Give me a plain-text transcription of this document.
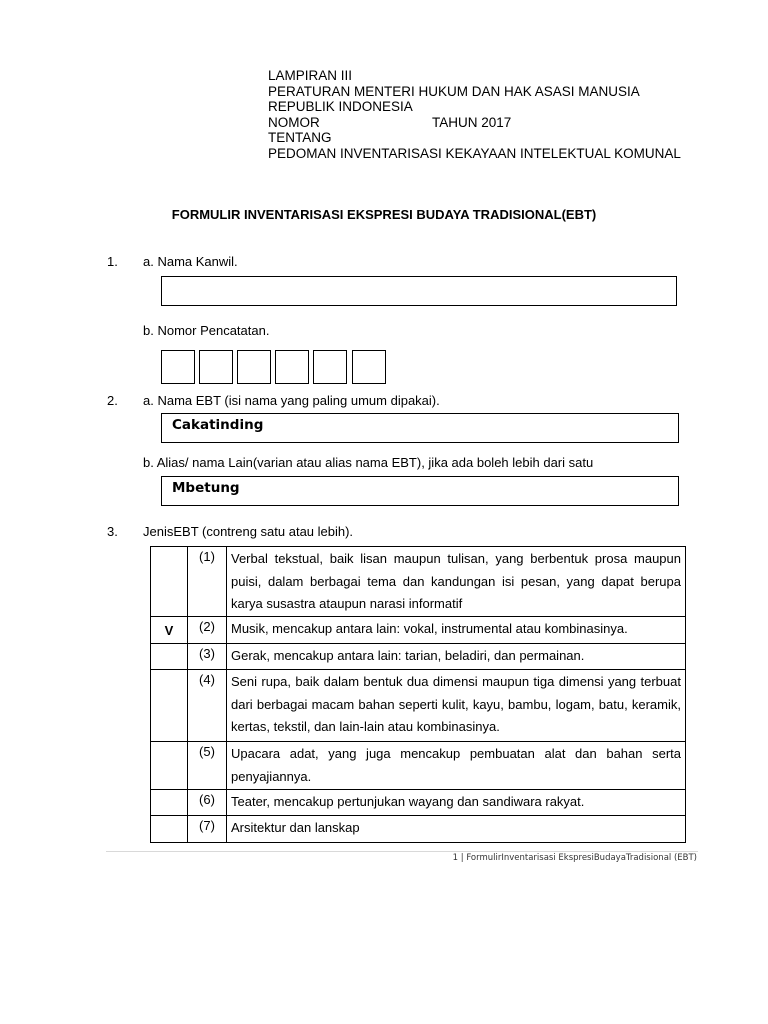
LAMPIRAN III
PERATURAN MENTERI HUKUM DAN HAK ASASI MANUSIA
REPUBLIK INDONESIA
NOMOR	TAHUN 2017
TENTANG
PEDOMAN INVENTARISASI KEKAYAAN INTELEKTUAL KOMUNAL
FORMULIR INVENTARISASI EKSPRESI BUDAYA TRADISIONAL(EBT)
1. a. Nama Kanwil.
b. Nomor Pencatatan.
2. a. Nama EBT (isi nama yang paling umum dipakai).
Cakatinding
b. Alias/ nama Lain(varian atau alias nama EBT), jika ada boleh lebih dari satu
Mbetung
3. JenisEBT (contreng satu atau lebih).
	(1)	Verbal tekstual, baik lisan maupun tulisan, yang berbentuk prosa maupun puisi, dalam berbagai tema dan kandungan isi pesan, yang dapat berupa karya susastra ataupun narasi informatif
V	(2)	Musik, mencakup antara lain: vokal, instrumental atau kombinasinya.
	(3)	Gerak, mencakup antara lain: tarian, beladiri, dan permainan.
	(4)	Seni rupa, baik dalam bentuk dua dimensi maupun tiga dimensi yang terbuat dari berbagai macam bahan seperti kulit, kayu, bambu, logam, batu, keramik, kertas, tekstil, dan lain-lain atau kombinasinya.
	(5)	Upacara adat, yang juga mencakup pembuatan alat dan bahan serta penyajiannya.
	(6)	Teater, mencakup pertunjukan wayang dan sandiwara rakyat.
	(7)	Arsitektur dan lanskap
1 | FormulirInventarisasi EkspresiBudayaTradisional (EBT)
